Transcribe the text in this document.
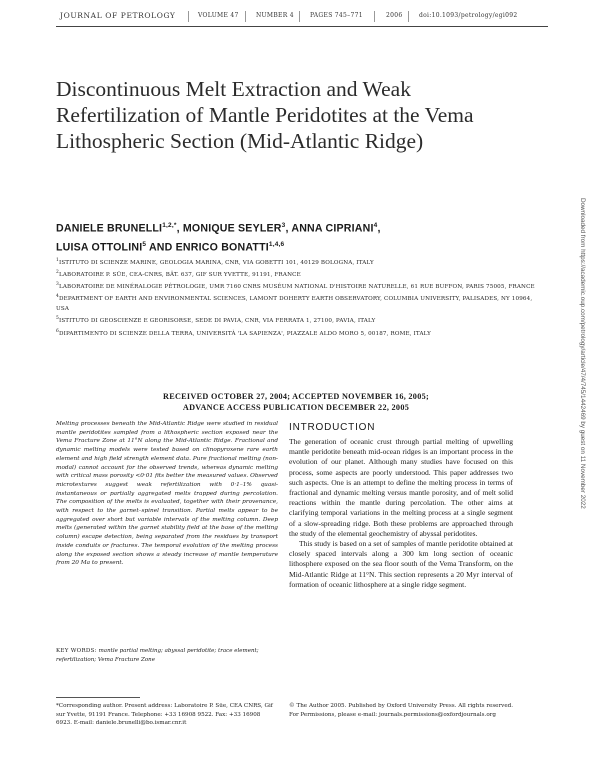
JOURNAL OF PETROLOGY	VOLUME 47	NUMBER 4	PAGES 745–771	2006	doi:10.1093/petrology/egi092
Discontinuous Melt Extraction and Weak Refertilization of Mantle Peridotites at the Vema Lithospheric Section (Mid-Atlantic Ridge)
DANIELE $BRUNELLI^{1,2,*}$, MONIQUE SEYLER$^3$, ANNA CIPRIANI$^4$,
LUISA OTTOLINI$^5$ AND ENRICO BONATTI$^{1,4,6}$
$^1$ISTITUTO DI SCIENZE MARINE, GEOLOGIA MARINA, CNR, VIA GOBETTI 101, 40129 BOLOGNA, ITALY
$^2$LABORATOIRE P. SÜE, CEA-CNRS, BÂT. 637, GIF SUR YVETTE, 91191, FRANCE
$^3$LABORATOIRE DE MINÉRALOGIE PÉTROLOGIE, UMR 7160 CNRS MUSÉUM NATIONAL D'HISTOIRE NATURELLE, 61 RUE BUFFON, PARIS 75005, FRANCE
$^4$DEPARTMENT OF EARTH AND ENVIRONMENTAL SCIENCES, LAMONT DOHERTY EARTH OBSERVATORY, COLUMBIA UNIVERSITY, PALISADES, NY 10964, USA
$^5$ISTITUTO DI GEOSCIENZE E GEORISORSE, SEDE DI PAVIA, CNR, VIA FERRATA 1, 27100, PAVIA, ITALY
$^6$DIPARTIMENTO DI SCIENZE DELLA TERRA, UNIVERSITÀ 'LA SAPIENZA', PIAZZALE ALDO MORO 5, 00187, ROME, ITALY
RECEIVED OCTOBER 27, 2004; ACCEPTED NOVEMBER 16, 2005;
ADVANCE ACCESS PUBLICATION DECEMBER 22, 2005
Melting processes beneath the Mid-Atlantic Ridge were studied in residual mantle peridotites sampled from a lithospheric section exposed near the Vema Fracture Zone at 11°N along the Mid-Atlantic Ridge. Fractional and dynamic melting models were tested based on clinopyroxene rare earth element and high field strength element data. Pure fractional melting (non-modal) cannot account for the observed trends, whereas dynamic melting with critical mass porosity <0·01 fits better the measured values. Observed microtextures suggest weak refertilization with 0·1–1% quasi-instantaneous or partially aggregated melts trapped during percolation. The composition of the melts is evaluated, together with their provenance, with respect to the garnet–spinel transition. Partial melts appear to be aggregated over short but variable intervals of the melting column. Deep melts (generated within the garnet stability field at the base of the melting column) escape detection, being separated from the residues by transport inside conduits or fractures. The temporal evolution of the melting process along the exposed section shows a steady increase of mantle temperature from 20 Ma to present.
KEY WORDS: mantle partial melting; abyssal peridotite; trace element; refertilization; Vema Fracture Zone
INTRODUCTION

The generation of oceanic crust through partial melting of upwelling mantle peridotite beneath mid-ocean ridges is an important process in the evolution of our planet. Although many studies have focused on this process, some aspects are poorly understood. This paper addresses two such aspects. One is an attempt to define the melting process in terms of fractional and dynamic melting versus mantle porosity, and of melt solid reactions within the mantle during percolation. The other aims at clarifying temporal variations in the melting process at a single segment of a slow-spreading ridge. Both these problems are approached through the study of the elemental geochemistry of abyssal peridotites.

This study is based on a set of samples of mantle peridotite obtained at closely spaced intervals along a 300 km long section of oceanic lithosphere exposed on the sea floor south of the Vema Transform, on the Mid-Atlantic Ridge at 11°N. This section represents a 20 Myr interval of formation of oceanic lithosphere at a single ridge segment.

*Corresponding author. Present address: Laboratoire P. Süe, CEA CNRS, Gif sur Yvette, 91191 France. Telephone: +33 16908 9522. Fax: +33 16908 6923. E-mail: daniele.brunelli@bo.ismar.cnr.it
© The Author 2005. Published by Oxford University Press. All rights reserved. For Permissions, please e-mail: journals.permissions@oxfordjournals.org
Downloaded from https://academic.oup.com/petrology/article/47/4/745/1442469 by guest on 11 November 2022
